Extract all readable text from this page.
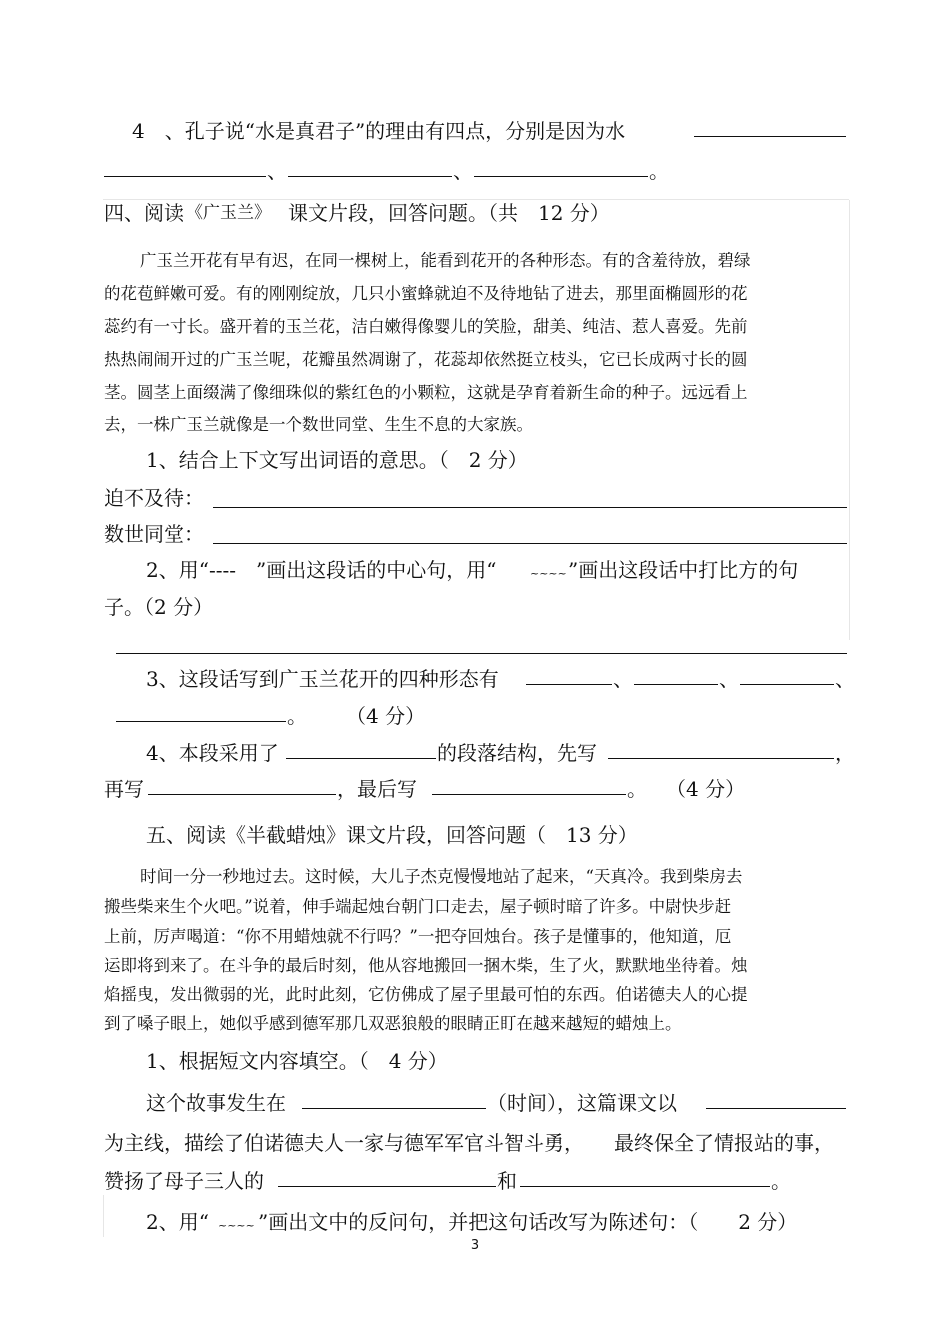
4　、孔子说“水是真君子”的理由有四点，分别是因为水
、	、	。
四、阅读 《广玉兰》 课文片段，回答问题。（共　12 分）
广玉兰开花有早有迟，在同一棵树上，能看到花开的各种形态。有的含羞待放，碧绿
的花苞鲜嫩可爱。有的刚刚绽放，几只小蜜蜂就迫不及待地钻了进去，那里面椭圆形的花
蕊约有一寸长。盛开着的玉兰花，洁白嫩得像婴儿的笑脸，甜美、纯洁、惹人喜爱。先前
热热闹闹开过的广玉兰呢，花瓣虽然凋谢了，花蕊却依然挺立枝头，它已长成两寸长的圆
茎。圆茎上面缀满了像细珠似的紫红色的小颗粒，这就是孕育着新生命的种子。远远看上
去，一株广玉兰就像是一个数世同堂、生生不息的大家族。
1、结合上下文写出词语的意思。（　2 分）
迫不及待：
数世同堂：
2、用“----　”画出这段话的中心句，用“	~~~~ ”画出这段话中打比方的句
子。（2 分）
3、这段话写到广玉兰花开的四种形态有	、	、	、
。 （4 分）
4、本段采用了	的段落结构，先写	，
再写	，最后写	。 （4 分）
五、阅读《半截蜡烛》课文片段，回答问题（　13 分）
时间一分一秒地过去。这时候，大儿子杰克慢慢地站了起来，“天真冷。我到柴房去
搬些柴来生个火吧。”说着，伸手端起烛台朝门口走去，屋子顿时暗了许多。中尉快步赶
上前，厉声喝道：“你不用蜡烛就不行吗？”一把夺回烛台。孩子是懂事的，他知道，厄
运即将到来了。在斗争的最后时刻，他从容地搬回一捆木柴，生了火，默默地坐待着。烛
焰摇曳，发出微弱的光，此时此刻，它仿佛成了屋子里最可怕的东西。伯诺德夫人的心提
到了嗓子眼上，她似乎感到德军那几双恶狼般的眼睛正盯在越来越短的蜡烛上。
1、根据短文内容填空。（　4 分）
这个故事发生在	（时间），这篇课文以
为主线，描绘了伯诺德夫人一家与德军军官斗智斗勇，　　最终保全了情报站的事，
赞扬了母子三人的	和	。
2、用“ ~~~~ ”画出文中的反问句，并把这句话改写为陈述句：（　　2 分）
3
